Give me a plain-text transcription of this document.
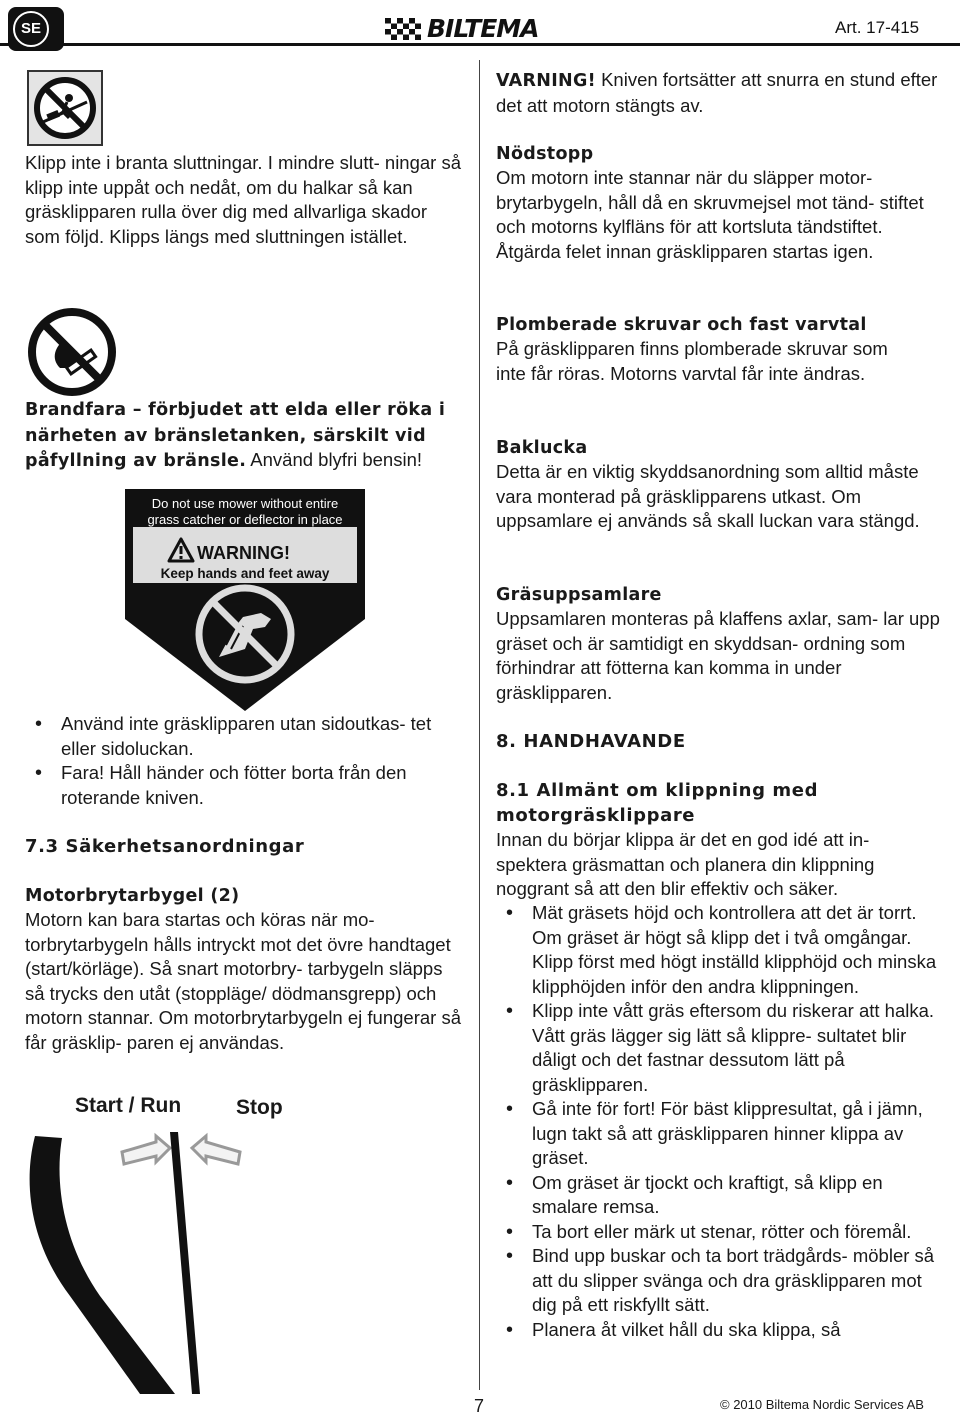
SE	BILTEMA	Art. 17-415

Klipp inte i branta sluttningar. I mindre slutt- ningar så klipp inte uppåt och nedåt, om du halkar så kan gräsklipparen rulla över dig med allvarliga skador som följd. Klipps längs med sluttningen istället.

Brandfara – förbjudet att elda eller röka i närheten av bränsletanken, särskilt vid påfyllning av bränsle. Använd blyfri bensin!

Do not use mower without entire
grass catcher or deflector in place
WARNING!
Keep hands and feet away
• Använd inte gräsklipparen utan sidoutkas- tet eller sidoluckan.
• Fara! Håll händer och fötter borta från den roterande kniven.
7.3 Säkerhetsanordningar
Motorbrytarbygel (2)

Motorn kan bara startas och köras när mo- torbrytarbygeln hålls intryckt mot det övre handtaget (start/körläge). Så snart motorbry- tarbygeln släpps så trycks den utåt (stoppläge/ dödmansgrepp) och motorn stannar. Om motorbrytarbygeln ej fungerar så får gräsklip- paren ej användas.

Start / Run	Stop

VARNING! Kniven fortsätter att snurra en stund efter det att motorn stängts av.

Nödstopp

Om motorn inte stannar när du släpper motor- brytarbygeln, håll då en skruvmejsel mot tänd- stiftet och motorns kylfläns för att kortsluta tändstiftet. Åtgärda felet innan gräsklipparen startas igen.

Plomberade skruvar och fast varvtal

På gräsklipparen finns plomberade skruvar som inte får röras. Motorns varvtal får inte ändras.

Baklucka

Detta är en viktig skyddsanordning som alltid måste vara monterad på gräsklipparens utkast. Om uppsamlare ej används så skall luckan vara stängd.

Gräsuppsamlare

Uppsamlaren monteras på klaffens axlar, sam- lar upp gräset och är samtidigt en skyddsan- ordning som förhindrar att fötterna kan komma in under gräsklipparen.

8. HANDHAVANDE
8.1 Allmänt om klippning med motorgräsklippare

Innan du börjar klippa är det en god idé att in- spektera gräsmattan och planera din klippning noggrant så att den blir effektiv och säker.

• Mät gräsets höjd och kontrollera att det är torrt. Om gräset är högt så klipp det i två omgångar. Klipp först med högt inställd klipphöjd och minska klipphöjden inför den andra klippningen.
• Klipp inte vått gräs eftersom du riskerar att halka. Vått gräs lägger sig lätt så klippre- sultatet blir dåligt och det fastnar dessutom lätt på gräsklipparen.
• Gå inte för fort! För bäst klippresultat, gå i jämn, lugn takt så att gräsklipparen hinner klippa av gräset.
• Om gräset är tjockt och kraftigt, så klipp en smalare remsa.
• Ta bort eller märk ut stenar, rötter och föremål.
• Bind upp buskar och ta bort trädgårds- möbler så att du slipper svänga och dra gräsklipparen mot dig på ett riskfyllt sätt.
• Planera åt vilket håll du ska klippa, så
7	© 2010 Biltema Nordic Services AB
